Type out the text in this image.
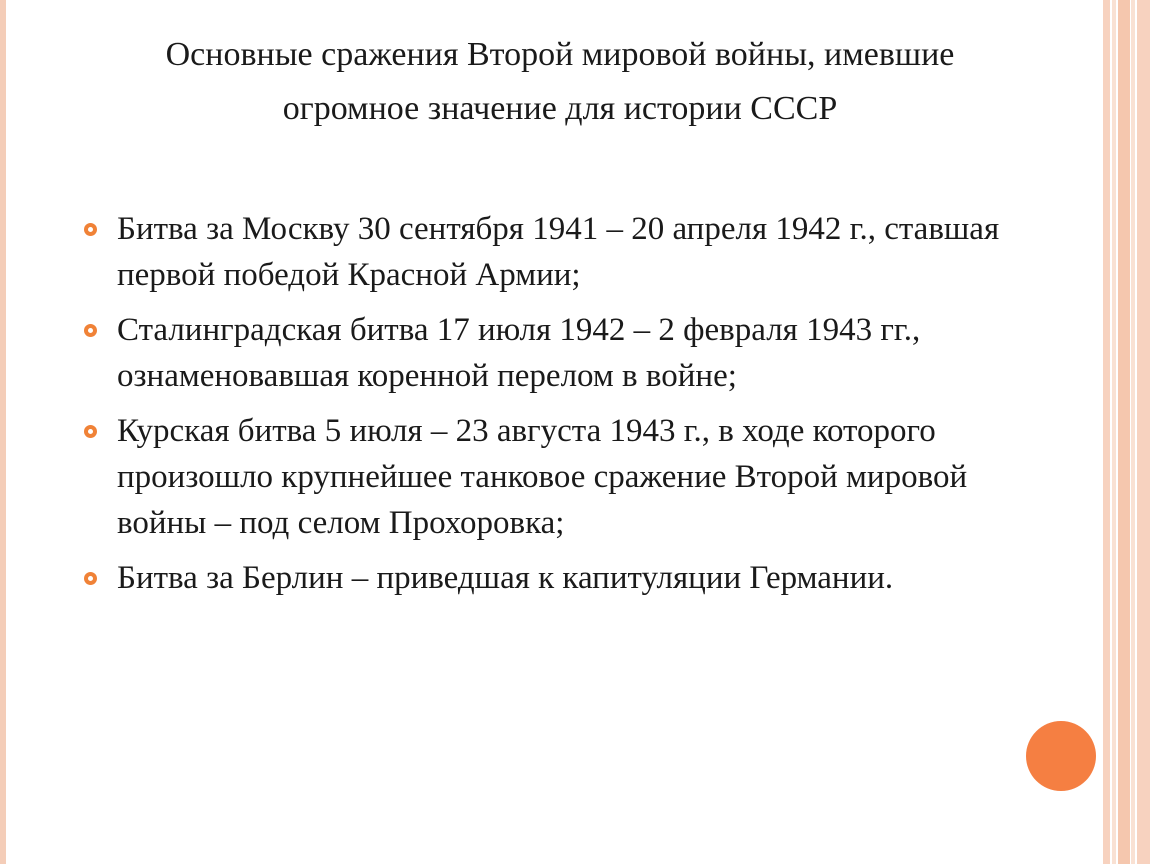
Основные сражения Второй мировой войны, имевшие
огромное значение для истории СССР
Битва за Москву 30 сентября 1941 – 20 апреля 1942 г., ставшая первой победой Красной Армии;
Сталинградская битва 17 июля 1942 – 2 февраля 1943 гг., ознаменовавшая коренной перелом в войне;
Курская битва 5 июля – 23 августа 1943 г., в ходе которого произошло крупнейшее танковое сражение Второй мировой войны – под селом Прохоровка;
Битва за Берлин – приведшая к капитуляции Германии.
